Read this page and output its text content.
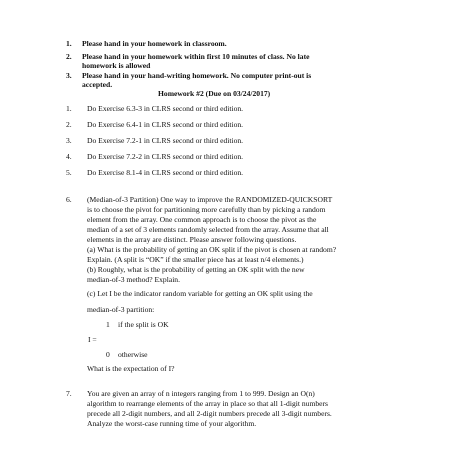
1. Please hand in your homework in classroom.
2. Please hand in your homework within first 10 minutes of class. No late
homework is allowed
3. Please hand in your hand-writing homework. No computer print-out is
accepted.
Homework #2 (Due on 03/24/2017)
1. Do Exercise 6.3-3 in CLRS second or third edition.
2. Do Exercise 6.4-1 in CLRS second or third edition.
3. Do Exercise 7.2-1 in CLRS second or third edition.
4. Do Exercise 7.2-2 in CLRS second or third edition.
5. Do Exercise 8.1-4 in CLRS second or third edition.
6. (Median-of-3 Partition) One way to improve the RANDOMIZED-QUICKSORT
is to choose the pivot for partitioning more carefully than by picking a random
element from the array. One common approach is to choose the pivot as the
median of a set of 3 elements randomly selected from the array. Assume that all
elements in the array are distinct. Please answer following questions.
(a) What is the probability of getting an OK split if the pivot is chosen at random?
Explain. (A split is “OK” if the smaller piece has at least n/4 elements.)
(b) Roughly, what is the probability of getting an OK split with the new
median-of-3 method? Explain.
(c) Let I be the indicator random variable for getting an OK split using the
median-of-3 partition:
1 if the split is OK
I =
0 otherwise
What is the expectation of I?
7. You are given an array of n integers ranging from 1 to 999. Design an O(n)
algorithm to rearrange elements of the array in place so that all 1-digit numbers
precede all 2-digit numbers, and all 2-digit numbers precede all 3-digit numbers.
Analyze the worst-case running time of your algorithm.
